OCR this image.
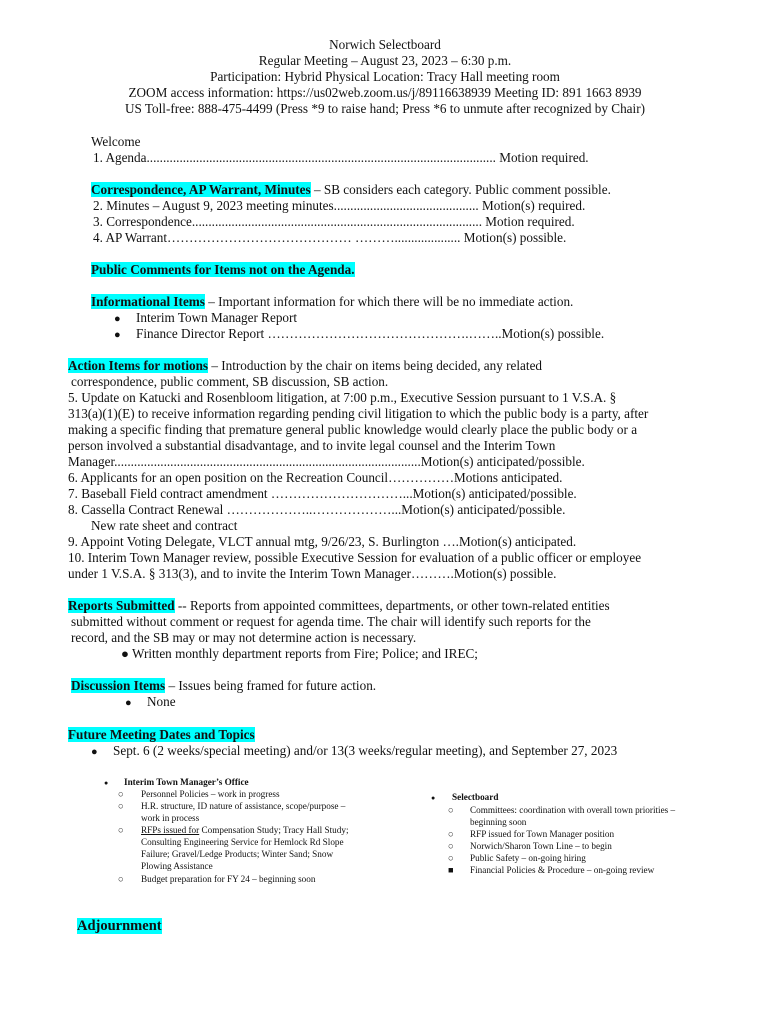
Norwich Selectboard
Regular Meeting – August 23, 2023 – 6:30 p.m.
Participation: Hybrid Physical Location: Tracy Hall meeting room
ZOOM access information: https://us02web.zoom.us/j/89116638939 Meeting ID: 891 1663 8939
US Toll-free: 888-475-4499 (Press *9 to raise hand; Press *6 to unmute after recognized by Chair)
Welcome
1. Agenda.......................................................................................................... Motion required.
Correspondence, AP Warrant, Minutes – SB considers each category. Public comment possible.
2. Minutes – August 9, 2023 meeting minutes............................................ Motion(s) required.
3. Correspondence........................................................................................ Motion required.
4. AP Warrant…………………………………… ……….................... Motion(s) possible.
Public Comments for Items not on the Agenda.
Informational Items – Important information for which there will be no immediate action.
● Interim Town Manager Report
● Finance Director Report ……………………………………….……..Motion(s) possible.
Action Items for motions – Introduction by the chair on items being decided, any related
correspondence, public comment, SB discussion, SB action.
5. Update on Katucki and Rosenbloom litigation, at 7:00 p.m., Executive Session pursuant to 1 V.S.A. §
313(a)(1)(E) to receive information regarding pending civil litigation to which the public body is a party, after
making a specific finding that premature general public knowledge would clearly place the public body or a
person involved a substantial disadvantage, and to invite legal counsel and the Interim Town
Manager.............................................................................................Motion(s) anticipated/possible.
6. Applicants for an open position on the Recreation Council……………Motions anticipated.
7. Baseball Field contract amendment …………………………...Motion(s) anticipated/possible.
8. Cassella Contract Renewal ………………..………………...Motion(s) anticipated/possible.
New rate sheet and contract
9. Appoint Voting Delegate, VLCT annual mtg, 9/26/23, S. Burlington ….Motion(s) anticipated.
10. Interim Town Manager review, possible Executive Session for evaluation of a public officer or employee
under 1 V.S.A. § 313(3), and to invite the Interim Town Manager……….Motion(s) possible.
Reports Submitted -- Reports from appointed committees, departments, or other town-related entities
submitted without comment or request for agenda time. The chair will identify such reports for the
record, and the SB may or may not determine action is necessary.
● Written monthly department reports from Fire; Police; and IREC;
Discussion Items – Issues being framed for future action.
● None
Future Meeting Dates and Topics
● Sept. 6 (2 weeks/special meeting) and/or 13(3 weeks/regular meeting), and September 27, 2023
● Interim Town Manager’s Office
○ Personnel Policies – work in progress
○ H.R. structure, ID nature of assistance, scope/purpose –
work in process
○ RFPs issued for Compensation Study; Tracy Hall Study;
Consulting Engineering Service for Hemlock Rd Slope
Failure; Gravel/Ledge Products; Winter Sand; Snow
Plowing Assistance
○ Budget preparation for FY 24 – beginning soon
● Selectboard
○ Committees: coordination with overall town priorities –
beginning soon
○ RFP issued for Town Manager position
○ Norwich/Sharon Town Line – to begin
○ Public Safety – on-going hiring
■ Financial Policies & Procedure – on-going review
Adjournment
